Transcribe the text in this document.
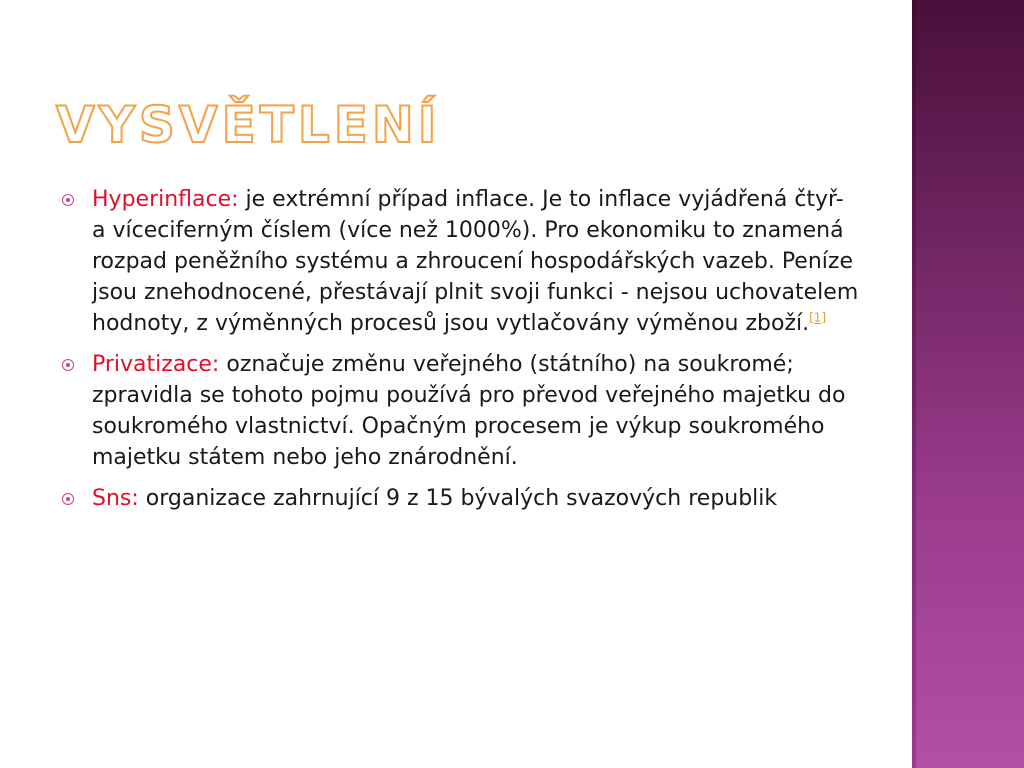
VYSVĚTLENÍ
Hyperinflace: je extrémní případ inflace. Je to inflace vyjádřená čtyř- a víceciferným číslem (více než 1000%). Pro ekonomiku to znamená rozpad peněžního systému a zhroucení hospodářských vazeb. Peníze jsou znehodnocené, přestávají plnit svoji funkci - nejsou uchovatelem hodnoty, z výměnných procesů jsou vytlačovány výměnou zboží.[1]
Privatizace: označuje změnu veřejného (státního) na soukromé; zpravidla se tohoto pojmu používá pro převod veřejného majetku do soukromého vlastnictví. Opačným procesem je výkup soukromého majetku státem nebo jeho znárodnění.
Sns: organizace zahrnující 9 z 15 bývalých svazových republik
